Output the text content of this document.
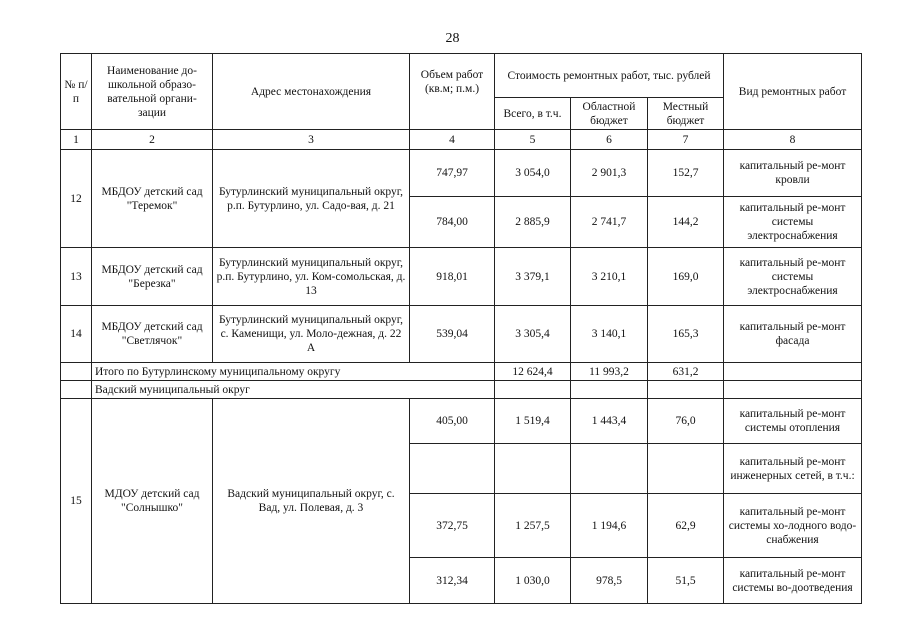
28
№ п/п	Наименование до-школьной образо-вательной органи-зации	Адрес местонахождения	Объем работ (кв.м; п.м.)	Стоимость ремонтных работ, тыс. рублей			Вид ремонтных работ
				Всего, в т.ч.	Областной бюджет	Местный бюджет	
1	2	3	4	5	6	7	8
12	МБДОУ детский сад "Теремок"	Бутурлинский муниципальный округ, р.п. Бутурлино, ул. Садо-вая, д. 21	747,97	3 054,0	2 901,3	152,7	капитальный ре-монт кровли
			784,00	2 885,9	2 741,7	144,2	капитальный ре-монт системы электроснабжения
13	МБДОУ детский сад "Березка"	Бутурлинский муниципальный округ, р.п. Бутурлино, ул. Ком-сомольская, д. 13	918,01	3 379,1	3 210,1	169,0	капитальный ре-монт системы электроснабжения
14	МБДОУ детский сад "Светлячок"	Бутурлинский муниципальный округ, с. Каменищи, ул. Моло-дежная, д. 22 А	539,04	3 305,4	3 140,1	165,3	капитальный ре-монт фасада
	Итого по Бутурлинскому муниципальному округу			12 624,4	11 993,2	631,2	
	Вадский муниципальный округ						
15	МДОУ детский сад "Солнышко"	Вадский муниципальный округ, с. Вад, ул. Полевая, д. 3	405,00	1 519,4	1 443,4	76,0	капитальный ре-монт системы отопления
							капитальный ре-монт инженерных сетей, в т.ч.:
			372,75	1 257,5	1 194,6	62,9	капитальный ре-монт системы хо-лодного водо-снабжения
			312,34	1 030,0	978,5	51,5	капитальный ре-монт системы во-доотведения
